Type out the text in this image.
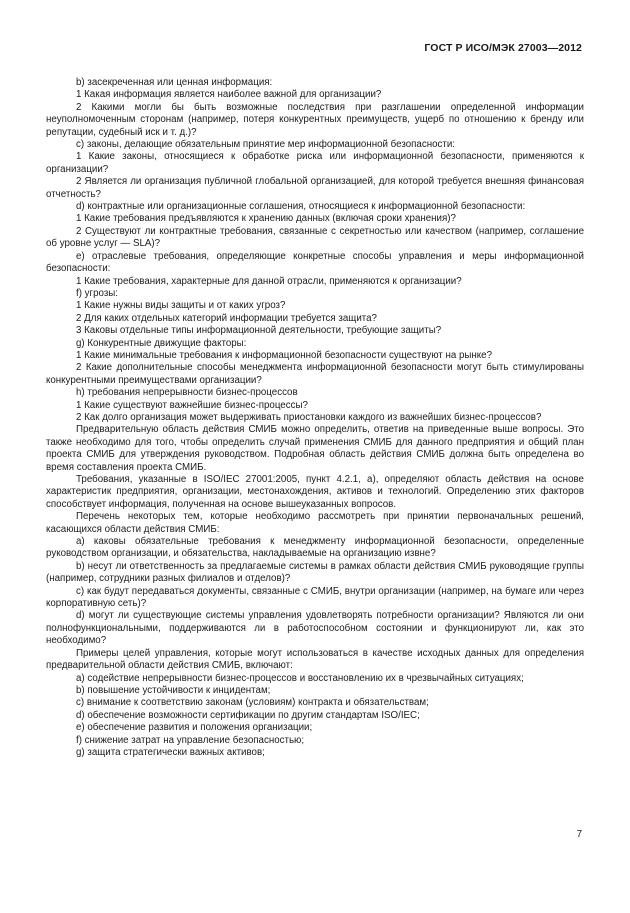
ГОСТ Р ИСО/МЭК 27003—2012

b) засекреченная или ценная информация:

1 Какая информация является наиболее важной для организации?

2 Какими могли бы быть возможные последствия при разглашении определенной информации неуполномоченным сторонам (например, потеря конкурентных преимуществ, ущерб по отношению к бренду или репутации, судебный иск и т. д.)?

c) законы, делающие обязательным принятие мер информационной безопасности:

1 Какие законы, относящиеся к обработке риска или информационной безопасности, применяются к организации?

2 Является ли организация публичной глобальной организацией, для которой требуется внешняя финансовая отчетность?

d) контрактные или организационные соглашения, относящиеся к информационной безопасности:

1 Какие требования предъявляются к хранению данных (включая сроки хранения)?

2 Существуют ли контрактные требования, связанные с секретностью или качеством (например, соглашение об уровне услуг — SLA)?

e) отраслевые требования, определяющие конкретные способы управления и меры информационной безопасности:

1 Какие требования, характерные для данной отрасли, применяются к организации?

f) угрозы:

1 Какие нужны виды защиты и от каких угроз?

2 Для каких отдельных категорий информации требуется защита?

3 Каковы отдельные типы информационной деятельности, требующие защиты?

g) Конкурентные движущие факторы:

1 Какие минимальные требования к информационной безопасности существуют на рынке?

2 Какие дополнительные способы менеджмента информационной безопасности могут быть стимулированы конкурентными преимуществами организации?

h) требования непрерывности бизнес-процессов

1 Какие существуют важнейшие бизнес-процессы?

2 Как долго организация может выдерживать приостановки каждого из важнейших бизнес-процессов?

Предварительную область действия СМИБ можно определить, ответив на приведенные выше вопросы. Это также необходимо для того, чтобы определить случай применения СМИБ для данного предприятия и общий план проекта СМИБ для утверждения руководством. Подробная область действия СМИБ должна быть определена во время составления проекта СМИБ.

Требования, указанные в ISO/IEC 27001:2005, пункт 4.2.1, а), определяют область действия на основе характеристик предприятия, организации, местонахождения, активов и технологий. Определению этих факторов способствует информация, полученная на основе вышеуказанных вопросов.

Перечень некоторых тем, которые необходимо рассмотреть при принятии первоначальных решений, касающихся области действия СМИБ:

a) каковы обязательные требования к менеджменту информационной безопасности, определенные руководством организации, и обязательства, накладываемые на организацию извне?

b) несут ли ответственность за предлагаемые системы в рамках области действия СМИБ руководящие группы (например, сотрудники разных филиалов и отделов)?

c) как будут передаваться документы, связанные с СМИБ, внутри организации (например, на бумаге или через корпоративную сеть)?

d) могут ли существующие системы управления удовлетворять потребности организации? Являются ли они полнофункциональными, поддерживаются ли в работоспособном состоянии и функционируют ли, как это необходимо?

Примеры целей управления, которые могут использоваться в качестве исходных данных для определения предварительной области действия СМИБ, включают:

a) содействие непрерывности бизнес-процессов и восстановлению их в чрезвычайных ситуациях;

b) повышение устойчивости к инцидентам;

c) внимание к соответствию законам (условиям) контракта и обязательствам;

d) обеспечение возможности сертификации по другим стандартам ISO/IEC;

e) обеспечение развития и положения организации;

f) снижение затрат на управление безопасностью;

g) защита стратегически важных активов;

7
